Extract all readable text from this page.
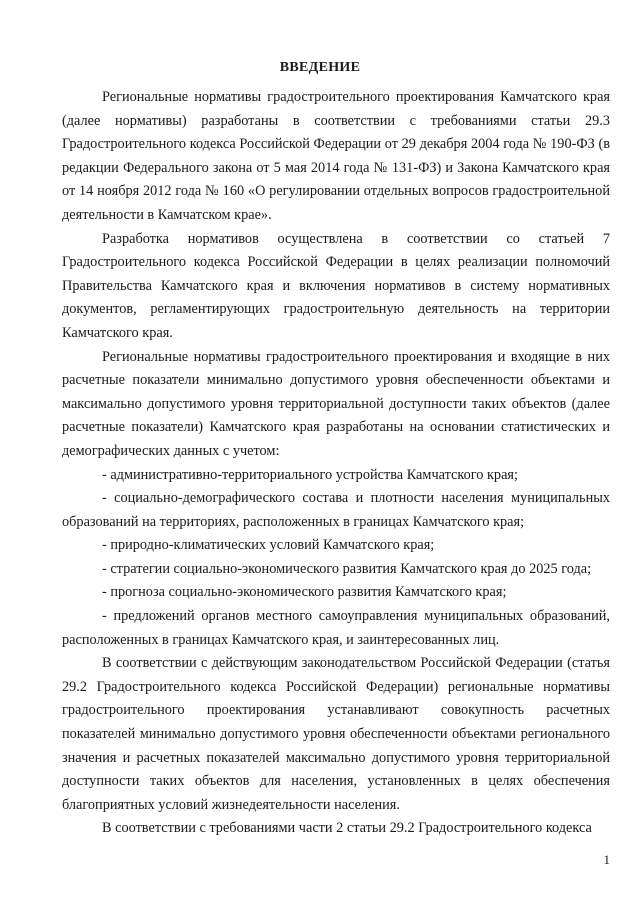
ВВЕДЕНИЕ

Региональные нормативы градостроительного проектирования Камчатского края (далее нормативы) разработаны в соответствии с требованиями статьи 29.3 Градостроительного кодекса Российской Федерации от 29 декабря 2004 года № 190-ФЗ (в редакции Федерального закона от 5 мая 2014 года № 131-ФЗ) и Закона Камчатского края от 14 ноября 2012 года № 160 «О регулировании отдельных вопросов градостроительной деятельности в Камчатском крае».

Разработка нормативов осуществлена в соответствии со статьей 7 Градостроительного кодекса Российской Федерации в целях реализации полномочий Правительства Камчатского края и включения нормативов в систему нормативных документов, регламентирующих градостроительную деятельность на территории Камчатского края.

Региональные нормативы градостроительного проектирования и входящие в них расчетные показатели минимально допустимого уровня обеспеченности объектами и максимально допустимого уровня территориальной доступности таких объектов (далее расчетные показатели) Камчатского края разработаны на основании статистических и демографических данных с учетом:

- административно-территориального устройства Камчатского края;

- социально-демографического состава и плотности населения муниципальных образований на территориях, расположенных в границах Камчатского края;

- природно-климатических условий Камчатского края;

- стратегии социально-экономического развития Камчатского края до 2025 года;

- прогноза социально-экономического развития Камчатского края;

- предложений органов местного самоуправления муниципальных образований, расположенных в границах Камчатского края, и заинтересованных лиц.

В соответствии с действующим законодательством Российской Федерации (статья 29.2 Градостроительного кодекса Российской Федерации) региональные нормативы градостроительного проектирования устанавливают совокупность расчетных показателей минимально допустимого уровня обеспеченности объектами регионального значения и расчетных показателей максимально допустимого уровня территориальной доступности таких объектов для населения, установленных в целях обеспечения благоприятных условий жизнедеятельности населения.

В соответствии с требованиями части 2 статьи 29.2 Градостроительного кодекса

1
